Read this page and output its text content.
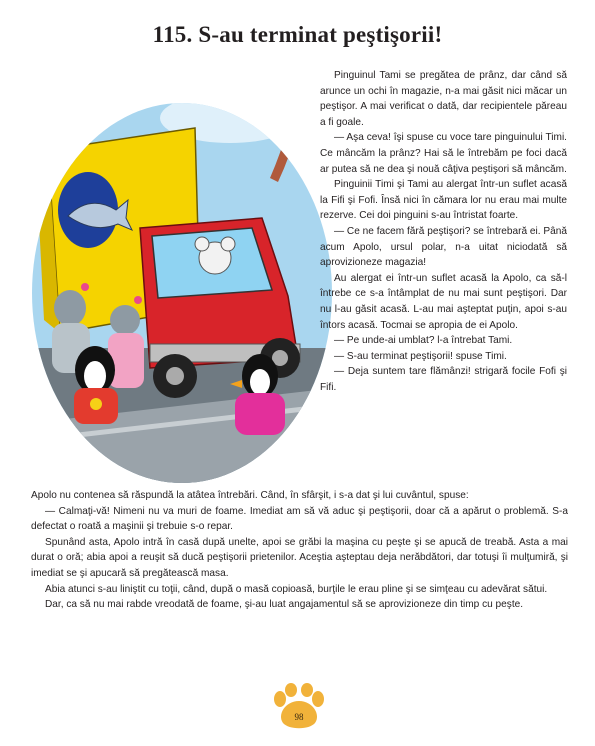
115. S-au terminat peştişorii!

Pinguinul Tami se pregătea de prânz, dar când să arunce un ochi în magazie, n-a mai găsit nici măcar un peştişor. A mai verificat o dată, dar recipientele păreau a fi goale.

— Aşa ceva! îşi spuse cu voce tare pinguinului Timi. Ce mâncăm la prânz? Hai să le întrebăm pe foci dacă ar putea să ne dea şi nouă câţiva peştişori să mâncăm.

Pinguinii Timi şi Tami au alergat într-un suflet acasă la Fifi şi Fofi. Însă nici în cămara lor nu erau mai multe rezerve. Cei doi pinguini s-au întristat foarte.

— Ce ne facem fără peştişori? se întrebară ei. Până acum Apolo, ursul polar, n-a uitat niciodată să aprovizioneze magazia!

Au alergat ei într-un suflet acasă la Apolo, ca să-l întrebe ce s-a întâmplat de nu mai sunt peştişori. Dar nu l-au găsit acasă. L-au mai aşteptat puţin, apoi s-au întors acasă. Tocmai se apropia de ei Apolo.

— Pe unde-ai umblat? l-a întrebat Tami.

— S-au terminat peştişorii! spuse Timi.

— Deja suntem tare flămânzi! strigară focile Fofi şi Fifi.

Apolo nu contenea să răspundă la atâtea întrebări. Când, în sfârşit, i s-a dat şi lui cuvântul, spuse:

— Calmaţi-vă! Nimeni nu va muri de foame. Imediat am să vă aduc şi peştişorii, doar că a apărut o problemă. S-a defectat o roată a maşinii şi trebuie s-o repar.

Spunând asta, Apolo intră în casă după unelte, apoi se grăbi la maşina cu peşte şi se apucă de treabă. Asta a mai durat o oră; abia apoi a reuşit să ducă peştişorii prietenilor. Aceştia aşteptau deja nerăbdători, dar totuşi îi mulţumiră, şi imediat se şi apucară să pregătească masa.

Abia atunci s-au liniştit cu toţii, când, după o masă copioasă, burţile le erau pline şi se simţeau cu adevărat sătui.

Dar, ca să nu mai rabde vreodată de foame, şi-au luat angajamentul să se aprovizioneze din timp cu peşte.

98
